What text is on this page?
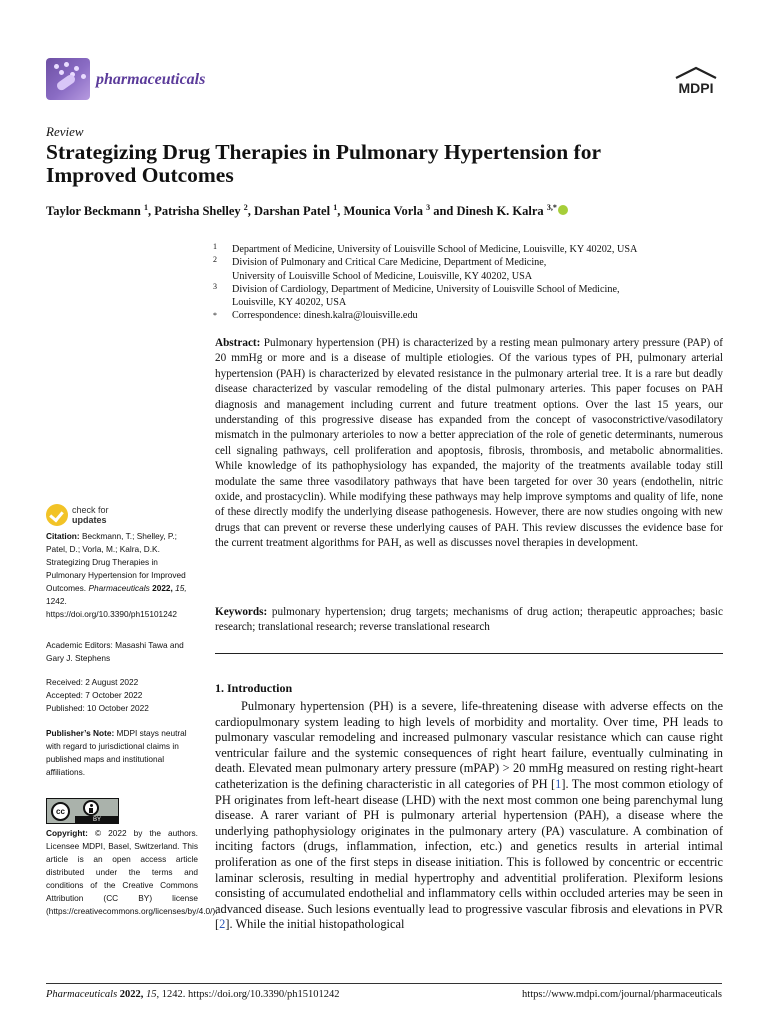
pharmaceuticals	MDPI
Review
Strategizing Drug Therapies in Pulmonary Hypertension for
Improved Outcomes
Taylor Beckmann $^1$, Patrisha Shelley $^2$, Darshan Patel $^1$, Mounica Vorla $^3$ and Dinesh K. Kalra $^{3,*}$
1 Department of Medicine, University of Louisville School of Medicine, Louisville, KY 40202, USA
2 Division of Pulmonary and Critical Care Medicine, Department of Medicine,
University of Louisville School of Medicine, Louisville, KY 40202, USA
3 Division of Cardiology, Department of Medicine, University of Louisville School of Medicine,
Louisville, KY 40202, USA
* Correspondence: dinesh.kalra@louisville.edu
Abstract: Pulmonary hypertension (PH) is characterized by a resting mean pulmonary artery pressure (PAP) of 20 mmHg or more and is a disease of multiple etiologies. Of the various types of PH, pulmonary arterial hypertension (PAH) is characterized by elevated resistance in the pulmonary arterial tree. It is a rare but deadly disease characterized by vascular remodeling of the distal pulmonary arteries. This paper focuses on PAH diagnosis and management including current and future treatment options. Over the last 15 years, our understanding of this progressive disease has expanded from the concept of vasoconstrictive/vasodilatory mismatch in the pulmonary arterioles to now a better appreciation of the role of genetic determinants, numerous cell signaling pathways, cell proliferation and apoptosis, fibrosis, thrombosis, and metabolic abnormalities. While knowledge of its pathophysiology has expanded, the majority of the treatments available today still modulate the same three vasodilatory pathways that have been targeted for over 30 years (endothelin, nitric oxide, and prostacyclin). While modifying these pathways may help improve symptoms and quality of life, none of these directly modify the underlying disease pathogenesis. However, there are now studies ongoing with new drugs that can prevent or reverse these underlying causes of PAH. This review discusses the evidence base for the current treatment algorithms for PAH, as well as discusses novel therapies in development.
Keywords: pulmonary hypertension; drug targets; mechanisms of drug action; therapeutic approaches; basic research; translational research; reverse translational research
1. Introduction

Pulmonary hypertension (PH) is a severe, life-threatening disease with adverse effects on the cardiopulmonary system leading to high levels of morbidity and mortality. Over time, PH leads to pulmonary vascular remodeling and increased pulmonary vascular resistance which can cause right ventricular failure and the systemic consequences of right heart failure, eventually culminating in death. Elevated mean pulmonary artery pressure (mPAP) > 20 mmHg measured on resting right-heart catheterization is the defining characteristic in all categories of PH [1]. The most common etiology of PH originates from left-heart disease (LHD) with the next most common one being parenchymal lung disease. A rarer variant of PH is pulmonary arterial hypertension (PAH), a disease where the underlying pathophysiology originates in the pulmonary artery (PA) vasculature. A combination of inciting factors (drugs, inflammation, infection, etc.) and genetics results in arterial intimal proliferation as one of the first steps in disease initiation. This is followed by concentric or eccentric laminar sclerosis, resulting in medial hypertrophy and adventitial proliferation. Plexiform lesions consisting of accumulated endothelial and inflammatory cells within occluded arteries may be seen in advanced disease. Such lesions eventually lead to progressive vascular fibrosis and elevations in PVR [2]. While the initial histopathological

check for
updates
Citation: Beckmann, T.; Shelley, P.; Patel, D.; Vorla, M.; Kalra, D.K. Strategizing Drug Therapies in Pulmonary Hypertension for Improved Outcomes. Pharmaceuticals 2022, 15, 1242. https://doi.org/10.3390/ph15101242
Academic Editors: Masashi Tawa and Gary J. Stephens
Received: 2 August 2022
Accepted: 7 October 2022
Published: 10 October 2022
Publisher’s Note: MDPI stays neutral with regard to jurisdictional claims in published maps and institutional affiliations.
cc
BY
Copyright: © 2022 by the authors. Licensee MDPI, Basel, Switzerland. This article is an open access article distributed under the terms and conditions of the Creative Commons Attribution (CC BY) license (https://creativecommons.org/licenses/by/4.0/).
Pharmaceuticals 2022, 15, 1242. https://doi.org/10.3390/ph15101242	https://www.mdpi.com/journal/pharmaceuticals
